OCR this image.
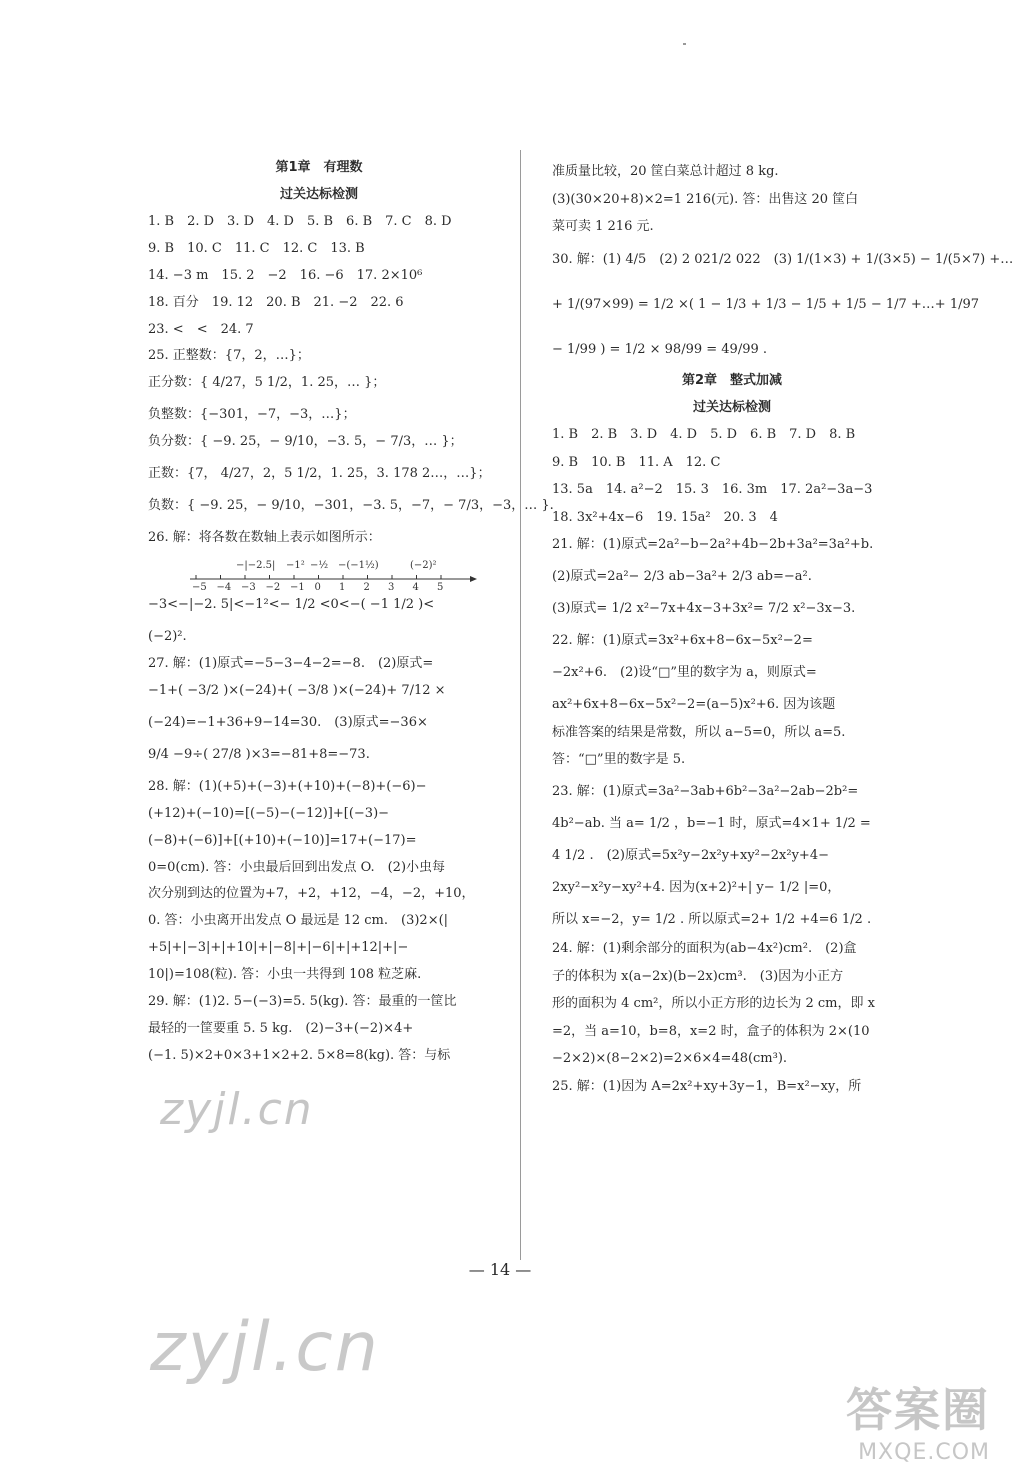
第1章　有理数
过关达标检测
1. B　2. D　3. D　4. D　5. B　6. B　7. C　8. D
9. B　10. C　11. C　12. C　13. B
14. −3 m　15. 2　−2　16. −6　17. 2×10⁶
18. 百分　19. 12　20. B　21. −2　22. 6
23. <　<　24. 7
25. 正整数：{7，2，…}；
正分数：{ 4/27，5 1/2，1. 25，… }；
负整数：{−301，−7，−3，…}；
负分数：{ −9. 25，− 9/10，−3. 5，− 7/3，… }；
正数：{7， 4/27，2，5 1/2，1. 25，3. 178 2…，…}；
负数：{ −9. 25，− 9/10，−301，−3. 5，−7，− 7/3，−3，… }.
26. 解：将各数在数轴上表示如图所示：
−5 −4 −3 −2 −1 0 1 2 3 4 5
−|−2.5| −1² −½ −(−1½)	(−2)²
−3<−|−2. 5|<−1²<− 1/2 <0<−( −1 1/2 )<
(−2)².
27. 解：(1)原式=−5−3−4−2=−8.　(2)原式=
−1+( −3/2 )×(−24)+( −3/8 )×(−24)+ 7/12 ×
(−24)=−1+36+9−14=30.　(3)原式=−36×
9/4 −9÷( 27/8 )×3=−81+8=−73.
28. 解：(1)(+5)+(−3)+(+10)+(−8)+(−6)−
(+12)+(−10)=[(−5)−(−12)]+[(−3)−
(−8)+(−6)]+[(+10)+(−10)]=17+(−17)=
0=0(cm). 答：小虫最后回到出发点 O.　(2)小虫每
次分别到达的位置为+7，+2，+12，−4，−2，+10，
0. 答：小虫离开出发点 O 最远是 12 cm.　(3)2×(|
+5|+|−3|+|+10|+|−8|+|−6|+|+12|+|−
10|)=108(粒). 答：小虫一共得到 108 粒芝麻.
29. 解：(1)2. 5−(−3)=5. 5(kg). 答：最重的一筐比
最轻的一筐要重 5. 5 kg.　(2)−3+(−2)×4+
(−1. 5)×2+0×3+1×2+2. 5×8=8(kg). 答：与标
准质量比较，20 筐白菜总计超过 8 kg.
(3)(30×20+8)×2=1 216(元). 答：出售这 20 筐白
菜可卖 1 216 元.
30. 解：(1) 4/5　(2) 2 021/2 022　(3) 1/(1×3) + 1/(3×5) − 1/(5×7) +…
+ 1/(97×99) = 1/2 ×( 1 − 1/3 + 1/3 − 1/5 + 1/5 − 1/7 +…+ 1/97
− 1/99 ) = 1/2 × 98/99 = 49/99 .
第2章　整式加减
过关达标检测
1. B　2. B　3. D　4. D　5. D　6. B　7. D　8. B
9. B　10. B　11. A　12. C
13. 5a　14. a²−2　15. 3　16. 3m　17. 2a²−3a−3
18. 3x²+4x−6　19. 15a²　20. 3　4
21. 解：(1)原式=2a²−b−2a²+4b−2b+3a²=3a²+b.
(2)原式=2a²− 2/3 ab−3a²+ 2/3 ab=−a².
(3)原式= 1/2 x²−7x+4x−3+3x²= 7/2 x²−3x−3.
22. 解：(1)原式=3x²+6x+8−6x−5x²−2=
−2x²+6.　(2)设“□”里的数字为 a，则原式=
ax²+6x+8−6x−5x²−2=(a−5)x²+6. 因为该题
标准答案的结果是常数，所以 a−5=0，所以 a=5.
答：“□”里的数字是 5.
23. 解：(1)原式=3a²−3ab+6b²−3a²−2ab−2b²=
4b²−ab. 当 a= 1/2 ，b=−1 时，原式=4×1+ 1/2 =
4 1/2 .　(2)原式=5x²y−2x²y+xy²−2x²y+4−
2xy²−x²y−xy²+4. 因为(x+2)²+| y− 1/2 |=0，
所以 x=−2，y= 1/2 . 所以原式=2+ 1/2 +4=6 1/2 .
24. 解：(1)剩余部分的面积为(ab−4x²)cm².　(2)盒
子的体积为 x(a−2x)(b−2x)cm³.　(3)因为小正方
形的面积为 4 cm²，所以小正方形的边长为 2 cm，即 x
=2，当 a=10，b=8，x=2 时，盒子的体积为 2×(10
−2×2)×(8−2×2)=2×6×4=48(cm³).
25. 解：(1)因为 A=2x²+xy+3y−1，B=x²−xy，所
— 14 —
zyjl.cn
zyjl.cn
答案圈
MXQE.COM
